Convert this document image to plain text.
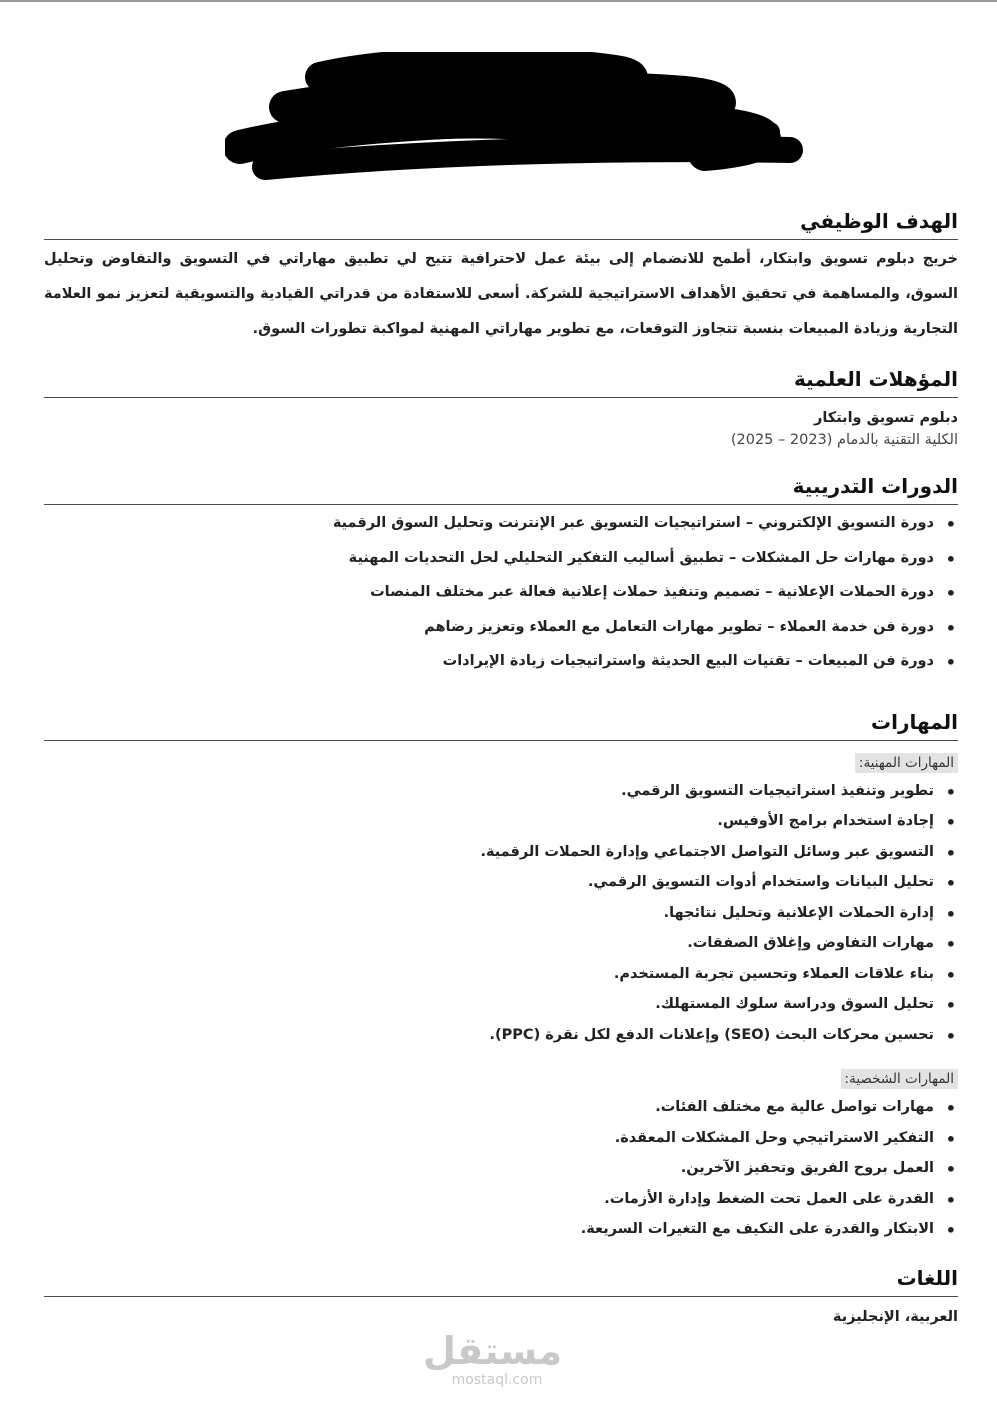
الهدف الوظيفي

خريج دبلوم تسويق وابتكار، أطمح للانضمام إلى بيئة عمل لاحترافية تتيح لي تطبيق مهاراتي في التسويق والتفاوض وتحليل السوق، والمساهمة في تحقيق الأهداف الاستراتيجية للشركة. أسعى للاستفادة من قدراتي القيادية والتسويقية لتعزيز نمو العلامة التجارية وزيادة المبيعات بنسبة تتجاوز التوقعات، مع تطوير مهاراتي المهنية لمواكبة تطورات السوق.

المؤهلات العلمية
دبلوم تسويق وابتكار
الكلية التقنية بالدمام (2023 – 2025)
الدورات التدريبية
• دورة التسويق الإلكتروني – استراتيجيات التسويق عبر الإنترنت وتحليل السوق الرقمية
• دورة مهارات حل المشكلات – تطبيق أساليب التفكير التحليلي لحل التحديات المهنية
• دورة الحملات الإعلانية – تصميم وتنفيذ حملات إعلانية فعالة عبر مختلف المنصات
• دورة فن خدمة العملاء – تطوير مهارات التعامل مع العملاء وتعزيز رضاهم
• دورة فن المبيعات – تقنيات البيع الحديثة واستراتيجيات زيادة الإيرادات
المهارات
المهارات المهنية:
• تطوير وتنفيذ استراتيجيات التسويق الرقمي.
• إجادة استخدام برامج الأوفيس.
• التسويق عبر وسائل التواصل الاجتماعي وإدارة الحملات الرقمية.
• تحليل البيانات واستخدام أدوات التسويق الرقمي.
• إدارة الحملات الإعلانية وتحليل نتائجها.
• مهارات التفاوض وإغلاق الصفقات.
• بناء علاقات العملاء وتحسين تجربة المستخدم.
• تحليل السوق ودراسة سلوك المستهلك.
• تحسين محركات البحث (SEO) وإعلانات الدفع لكل نقرة (PPC).
المهارات الشخصية:
• مهارات تواصل عالية مع مختلف الفئات.
• التفكير الاستراتيجي وحل المشكلات المعقدة.
• العمل بروح الفريق وتحفيز الآخرين.
• القدرة على العمل تحت الضغط وإدارة الأزمات.
• الابتكار والقدرة على التكيف مع التغيرات السريعة.
اللغات
العربية، الإنجليزية
مستقل
mostaql.com
